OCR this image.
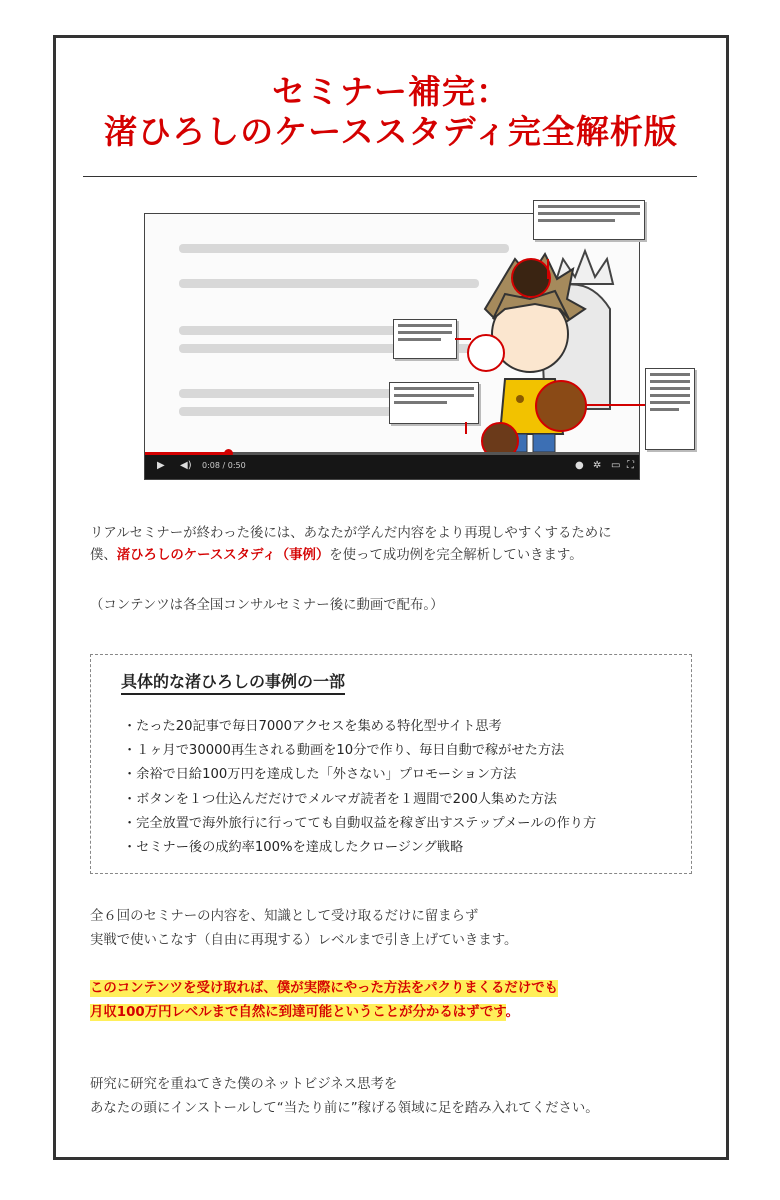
セミナー補完：
渚ひろしのケーススタディ完全解析版
▶ ◀) 0:08 / 0:50	● ✲ ▭ ⛶
リアルセミナーが終わった後には、あなたが学んだ内容をより再現しやすくするために
僕、渚ひろしのケーススタディ（事例）を使って成功例を完全解析していきます。
（コンテンツは各全国コンサルセミナー後に動画で配布。）
具体的な渚ひろしの事例の一部
・たった20記事で毎日7000アクセスを集める特化型サイト思考
・１ヶ月で30000再生される動画を10分で作り、毎日自動で稼がせた方法
・余裕で日給100万円を達成した「外さない」プロモーション方法
・ボタンを１つ仕込んだだけでメルマガ読者を１週間で200人集めた方法
・完全放置で海外旅行に行ってても自動収益を稼ぎ出すステップメールの作り方
・セミナー後の成約率100%を達成したクロージング戦略
全６回のセミナーの内容を、知識として受け取るだけに留まらず
実戦で使いこなす（自由に再現する）レベルまで引き上げていきます。
このコンテンツを受け取れば、僕が実際にやった方法をパクりまくるだけでも
月収100万円レベルまで自然に到達可能ということが分かるはずです。
研究に研究を重ねてきた僕のネットビジネス思考を
あなたの頭にインストールして“当たり前に”稼げる領域に足を踏み入れてください。
